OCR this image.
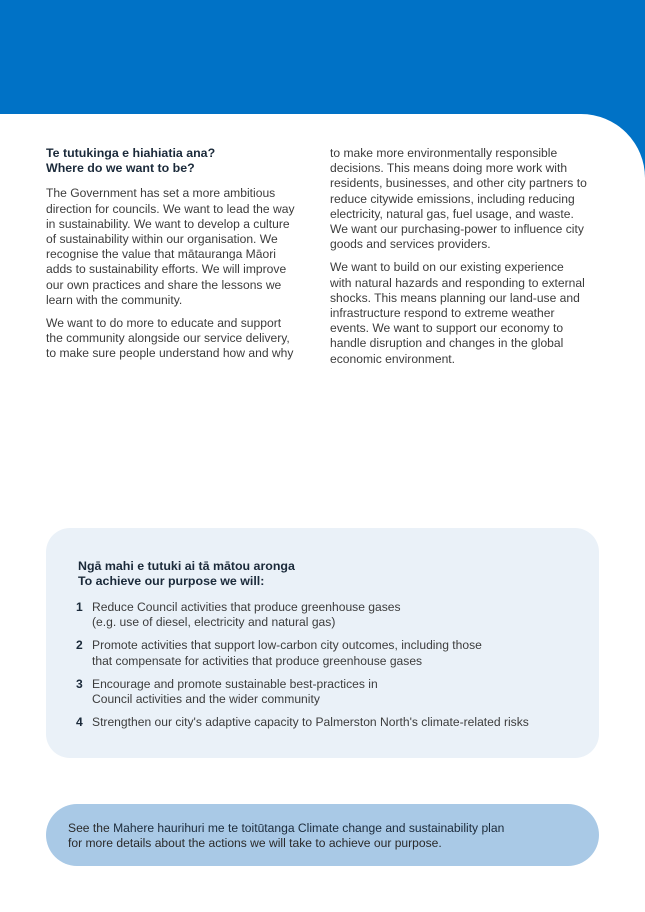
Te tutukinga e hiahiatia ana?
Where do we want to be?

The Government has set a more ambitious direction for councils. We want to lead the way in sustainability. We want to develop a culture of sustainability within our organisation. We recognise the value that mātauranga Māori adds to sustainability efforts. We will improve our own practices and share the lessons we learn with the community.

We want to do more to educate and support the community alongside our service delivery, to make sure people understand how and why

to make more environmentally responsible decisions. This means doing more work with residents, businesses, and other city partners to reduce citywide emissions, including reducing electricity, natural gas, fuel usage, and waste. We want our purchasing-power to influence city goods and services providers.

We want to build on our existing experience with natural hazards and responding to external shocks. This means planning our land-use and infrastructure respond to extreme weather events. We want to support our economy to handle disruption and changes in the global economic environment.

Ngā mahi e tutuki ai tā mātou aronga
To achieve our purpose we will:
1 Reduce Council activities that produce greenhouse gases
(e.g. use of diesel, electricity and natural gas)
2 Promote activities that support low-carbon city outcomes, including those
that compensate for activities that produce greenhouse gases
3 Encourage and promote sustainable best-practices in
Council activities and the wider community
4 Strengthen our city's adaptive capacity to Palmerston North's climate-related risks
See the Mahere haurihuri me te toitūtanga Climate change and sustainability plan
for more details about the actions we will take to achieve our purpose.
